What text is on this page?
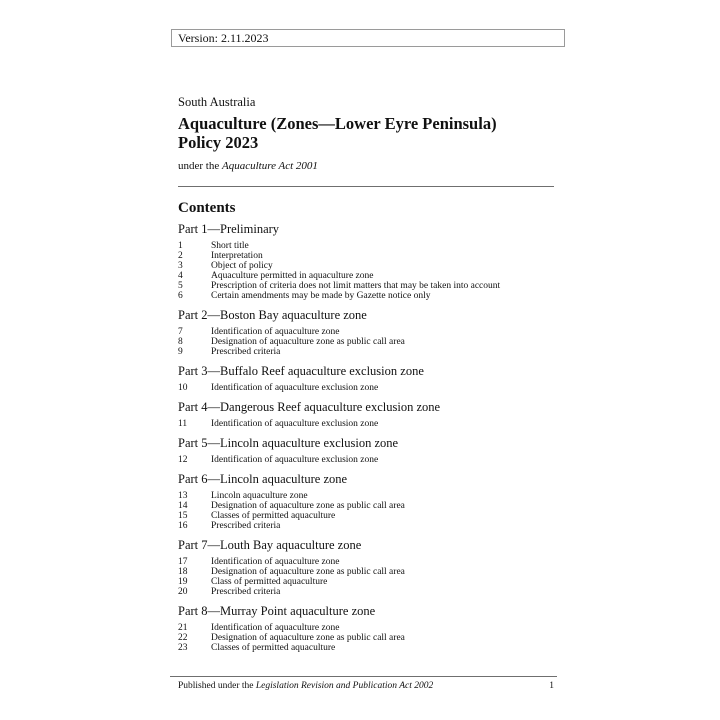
Version: 2.11.2023
South Australia
Aquaculture (Zones—Lower Eyre Peninsula)
Policy 2023
under the Aquaculture Act 2001
Contents
Part 1—Preliminary
1	Short title
2	Interpretation
3	Object of policy
4	Aquaculture permitted in aquaculture zone
5	Prescription of criteria does not limit matters that may be taken into account
6	Certain amendments may be made by Gazette notice only
Part 2—Boston Bay aquaculture zone
7	Identification of aquaculture zone
8	Designation of aquaculture zone as public call area
9	Prescribed criteria
Part 3—Buffalo Reef aquaculture exclusion zone
10	Identification of aquaculture exclusion zone
Part 4—Dangerous Reef aquaculture exclusion zone
11	Identification of aquaculture exclusion zone
Part 5—Lincoln aquaculture exclusion zone
12	Identification of aquaculture exclusion zone
Part 6—Lincoln aquaculture zone
13	Lincoln aquaculture zone
14	Designation of aquaculture zone as public call area
15	Classes of permitted aquaculture
16	Prescribed criteria
Part 7—Louth Bay aquaculture zone
17	Identification of aquaculture zone
18	Designation of aquaculture zone as public call area
19	Class of permitted aquaculture
20	Prescribed criteria
Part 8—Murray Point aquaculture zone
21	Identification of aquaculture zone
22	Designation of aquaculture zone as public call area
23	Classes of permitted aquaculture
Published under the Legislation Revision and Publication Act 2002	1
